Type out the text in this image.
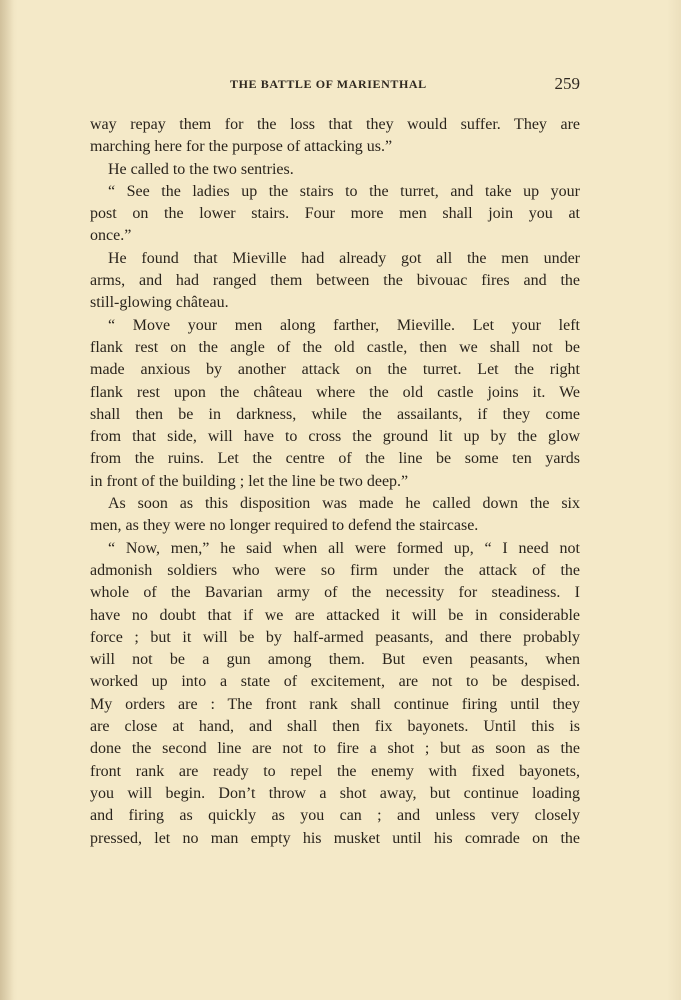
THE BATTLE OF MARIENTHAL	259
way repay them for the loss that they would suffer. They are
marching here for the purpose of attacking us.”
He called to the two sentries.
“ See the ladies up the stairs to the turret, and take up your
post on the lower stairs. Four more men shall join you at
once.”
He found that Mieville had already got all the men under
arms, and had ranged them between the bivouac fires and the
still-glowing château.
“ Move your men along farther, Mieville. Let your left
flank rest on the angle of the old castle, then we shall not be
made anxious by another attack on the turret. Let the right
flank rest upon the château where the old castle joins it. We
shall then be in darkness, while the assailants, if they come
from that side, will have to cross the ground lit up by the glow
from the ruins. Let the centre of the line be some ten yards
in front of the building ; let the line be two deep.”
As soon as this disposition was made he called down the six
men, as they were no longer required to defend the staircase.
“ Now, men,” he said when all were formed up, “ I need not
admonish soldiers who were so firm under the attack of the
whole of the Bavarian army of the necessity for steadiness. I
have no doubt that if we are attacked it will be in considerable
force ; but it will be by half-armed peasants, and there probably
will not be a gun among them. But even peasants, when
worked up into a state of excitement, are not to be despised.
My orders are : The front rank shall continue firing until they
are close at hand, and shall then fix bayonets. Until this is
done the second line are not to fire a shot ; but as soon as the
front rank are ready to repel the enemy with fixed bayonets,
you will begin. Don’t throw a shot away, but continue loading
and firing as quickly as you can ; and unless very closely
pressed, let no man empty his musket until his comrade on the
